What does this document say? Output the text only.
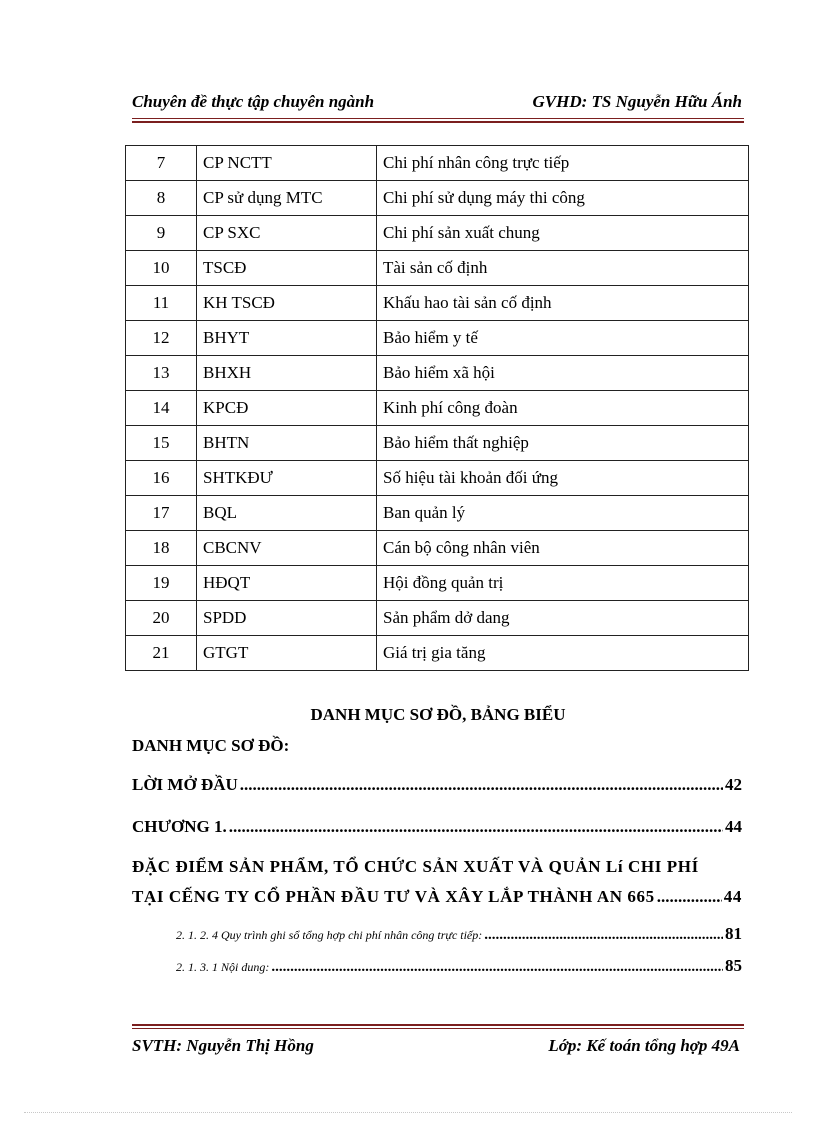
Chuyên đề thực tập chuyên ngành	GVHD: TS Nguyễn Hữu Ánh
7	CP NCTT	Chi phí nhân công trực tiếp
8	CP sử dụng MTC	Chi phí sử dụng máy thi công
9	CP SXC	Chi phí sản xuất chung
10	TSCĐ	Tài sản cố định
11	KH TSCĐ	Khấu hao tài sản cố định
12	BHYT	Bảo hiểm y tế
13	BHXH	Bảo hiểm xã hội
14	KPCĐ	Kinh phí công đoàn
15	BHTN	Bảo hiểm thất nghiệp
16	SHTKĐƯ	Số hiệu tài khoản đối ứng
17	BQL	Ban quản lý
18	CBCNV	Cán bộ công nhân viên
19	HĐQT	Hội đồng quản trị
20	SPDD	Sản phẩm dở dang
21	GTGT	Giá trị gia tăng
DANH MỤC SƠ ĐỒ, BẢNG BIỂU
DANH MỤC SƠ ĐỒ:
LỜI MỞ ĐẦU .....	42
CHƯƠNG 1. .....	44
ĐẶC ĐIỂM SẢN PHẨM, TỔ CHỨC SẢN XUẤT VÀ QUẢN Lí CHI PHÍ
TẠI CẾNG TY CỔ PHẦN ĐẦU TƯ VÀ XÂY LẮP THÀNH AN 665 .....	44
2. 1. 2. 4 Quy trình ghi sổ tổng hợp chi phí nhân công trực tiếp: .....	81
2. 1. 3. 1 Nội dung: .....	85
SVTH: Nguyễn Thị Hồng	Lớp: Kế toán tổng hợp 49A
